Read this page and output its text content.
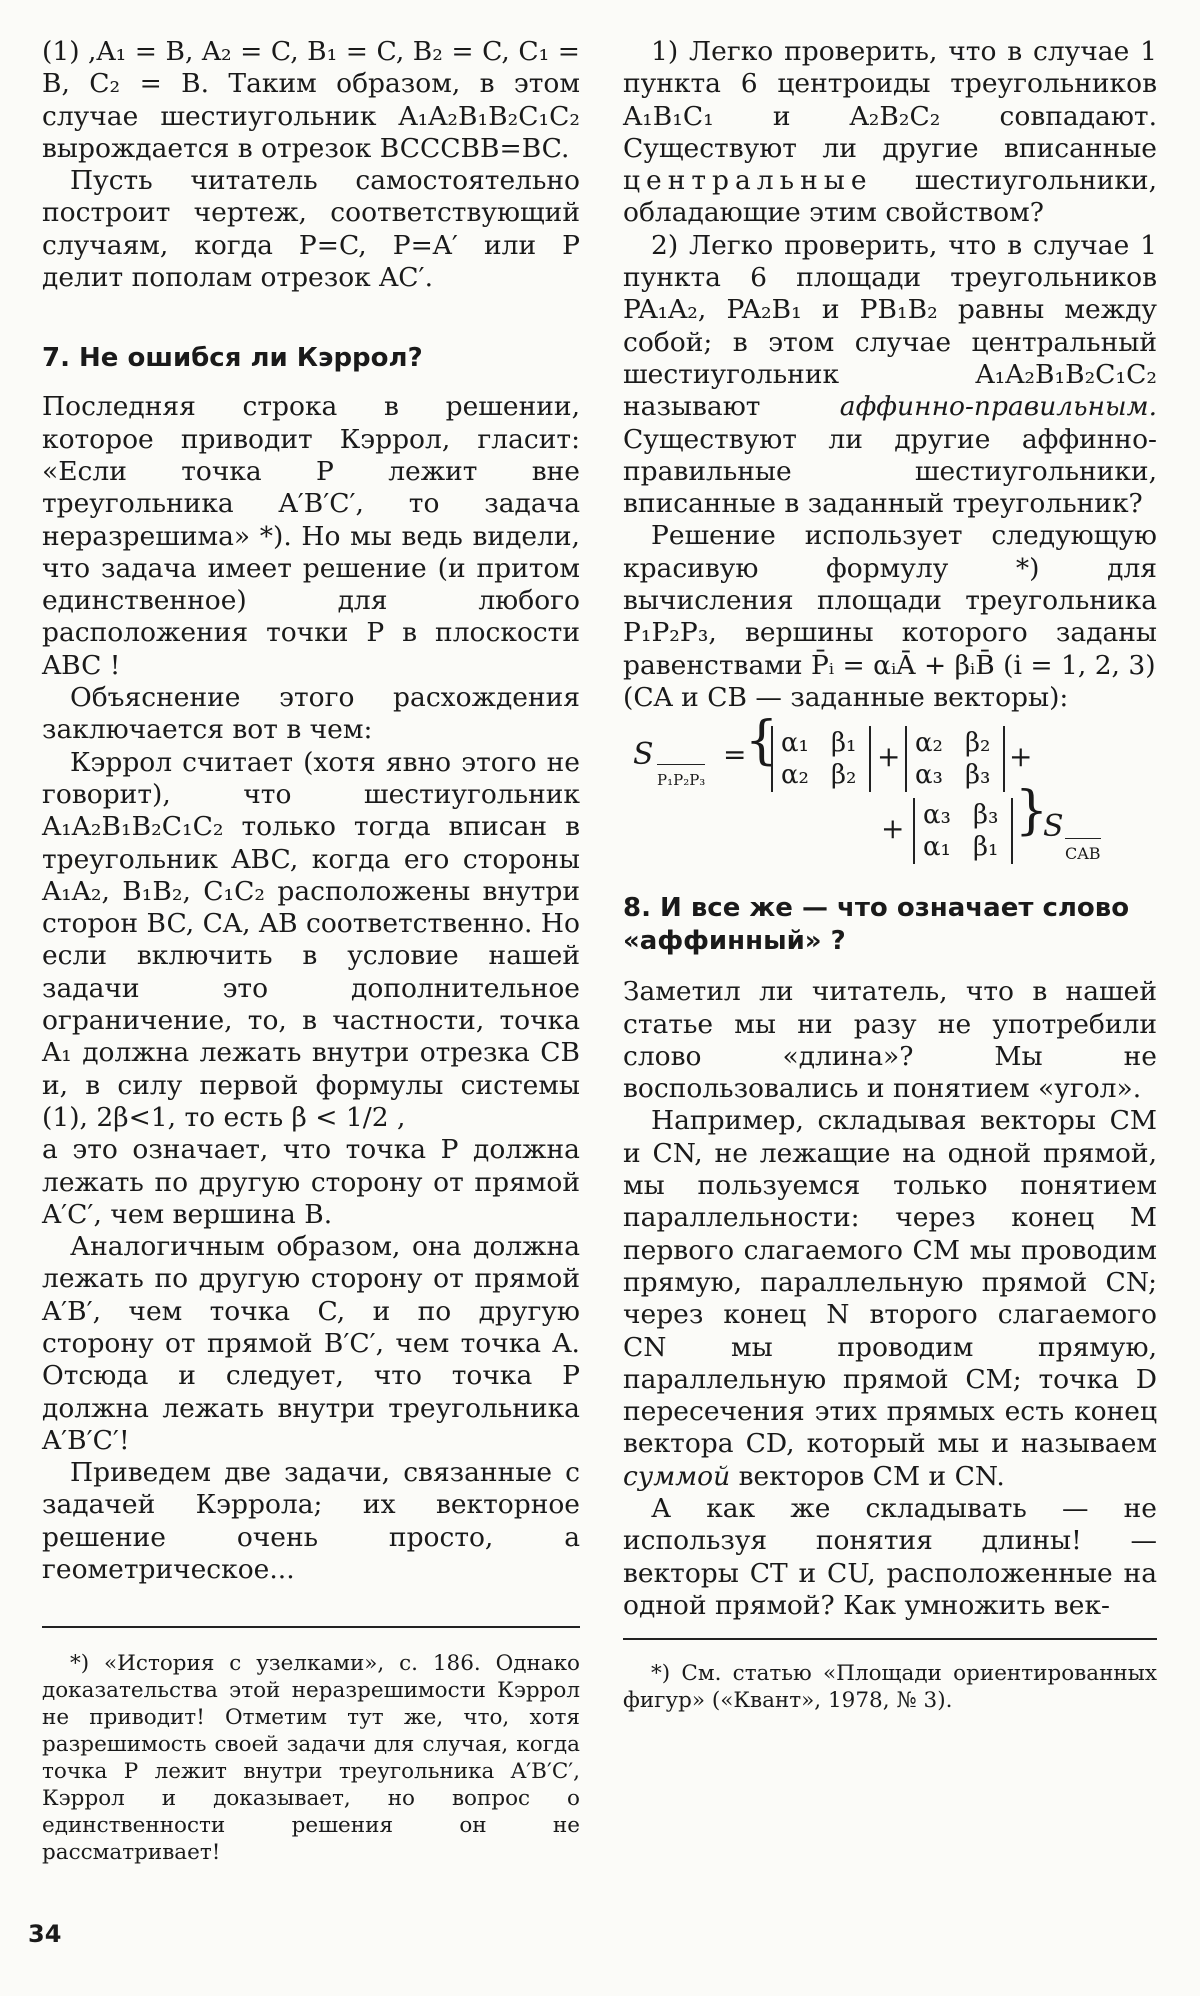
(1) ,A₁ = B, A₂ = C, B₁ = C, B₂ = C, C₁ = B, C₂ = B. Таким образом, в этом случае шестиугольник A₁A₂B₁B₂C₁C₂ вырождается в отрезок BCCCBB=BC.

Пусть читатель самостоятельно построит чертеж, соответствующий случаям, когда P=C, P=A′ или P делит пополам отрезок AC′.

7. Не ошибся ли Кэррол?

Последняя строка в решении, которое приводит Кэррол, гласит: «Если точка P лежит вне треугольника A′B′C′, то задача неразрешима» *). Но мы ведь видели, что задача имеет решение (и притом единственное) для любого расположения точки P в плоскости ABC !

Объяснение этого расхождения заключается вот в чем:

Кэррол считает (хотя явно этого не говорит), что шестиугольник A₁A₂B₁B₂C₁C₂ только тогда вписан в треугольник ABC, когда его стороны A₁A₂, B₁B₂, C₁C₂ расположены внутри сторон BC, CA, AB соответственно. Но если включить в условие нашей задачи это дополнительное ограничение, то, в частности, точка A₁ должна лежать внутри отрезка CB и, в силу первой формулы системы (1), 2β<1, то есть β < 1/2 ,

а это означает, что точка P должна лежать по другую сторону от прямой A′C′, чем вершина B.

Аналогичным образом, она должна лежать по другую сторону от прямой A′B′, чем точка C, и по другую сторону от прямой B′C′, чем точка A. Отсюда и следует, что точка P должна лежать внутри треугольника A′B′C′!

Приведем две задачи, связанные с задачей Кэррола; их векторное решение очень просто, а геометрическое...

*) «История с узелками», с. 186. Однако доказательства этой неразрешимости Кэррол не приводит! Отметим тут же, что, хотя разрешимость своей задачи для случая, когда точка P лежит внутри треугольника A′B′C′, Кэррол и доказывает, но вопрос о единственности решения он не рассматривает!

1) Легко проверить, что в случае 1 пункта 6 центроиды треугольников A₁B₁C₁ и A₂B₂C₂ совпадают. Существуют ли другие вписанные центральные шестиугольники, обладающие этим свойством?

2) Легко проверить, что в случае 1 пункта 6 площади треугольников PA₁A₂, PA₂B₁ и PB₁B₂ равны между собой; в этом случае центральный шестиугольник A₁A₂B₁B₂C₁C₂ называют	аффинно-правильным. Существуют ли другие аффинно-правильные шестиугольники, вписанные в заданный треугольник?

Решение использует следующую красивую формулу *) для вычисления площади треугольника P₁P₂P₃, вершины которого заданы равенствами P̄ᵢ = αᵢĀ + βᵢB̄ (i = 1, 2, 3)

(CA и CB — заданные векторы):

S
P₁P₂P₃
=
{ α₁ β₁
α₂ β₂
+ α₂ β₂
α₃ β₃
+
+ α₃ β₃
α₁ β₁
}
S
CAB
8. И все же — что означает слово «аффинный» ?

Заметил ли читатель, что в нашей статье мы ни разу не употребили слово «длина»? Мы не воспользовались и понятием «угол».

Например, складывая векторы CM и CN, не лежащие на одной прямой, мы пользуемся только понятием параллельности: через конец M первого слагаемого CM мы проводим прямую, параллельную прямой CN; через конец N второго слагаемого CN мы проводим прямую, параллельную прямой CM; точка D пересечения этих прямых есть конец вектора CD, который мы и называем суммой векторов CM и CN.

А как же складывать — не используя понятия длины! — векторы CT и CU, расположенные на одной прямой? Как умножить век-

*) См. статью «Площади ориентированных фигур» («Квант», 1978, № 3).

34
